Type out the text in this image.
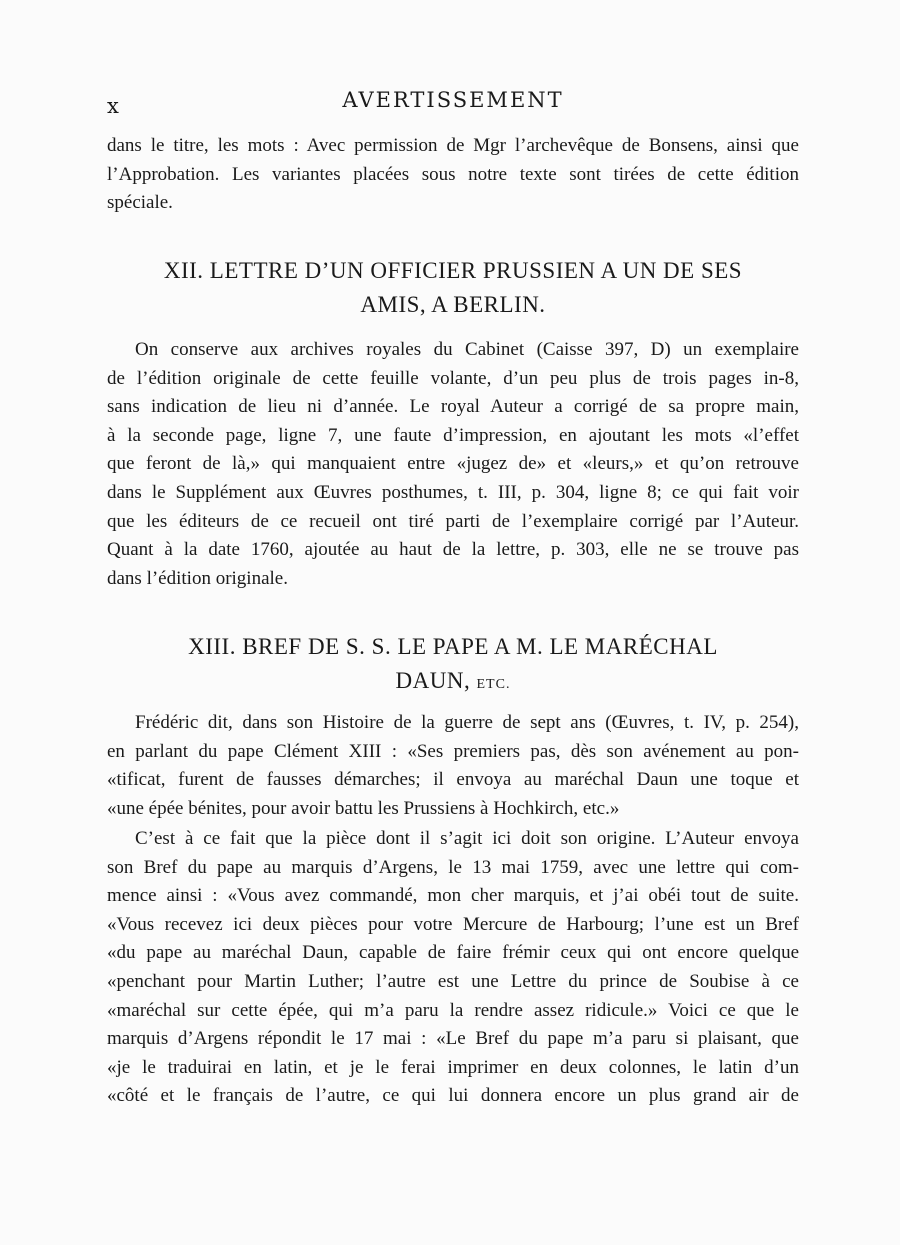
x	AVERTISSEMENT

dans le titre, les mots : Avec permission de Mgr l’archevêque de Bonsens, ainsi que
l’Approbation. Les variantes placées sous notre texte sont tirées de cette édition
spéciale.

XII. LETTRE D’UN OFFICIER PRUSSIEN A UN DE SES
AMIS, A BERLIN.

On conserve aux archives royales du Cabinet (Caisse 397, D) un exemplaire
de l’édition originale de cette feuille volante, d’un peu plus de trois pages in-8,
sans indication de lieu ni d’année. Le royal Auteur a corrigé de sa propre main,
à la seconde page, ligne 7, une faute d’impression, en ajoutant les mots «l’effet
que feront de là,» qui manquaient entre «jugez de» et «leurs,» et qu’on retrouve
dans le Supplément aux Œuvres posthumes, t. III, p. 304, ligne 8; ce qui fait voir
que les éditeurs de ce recueil ont tiré parti de l’exemplaire corrigé par l’Auteur.
Quant à la date 1760, ajoutée au haut de la lettre, p. 303, elle ne se trouve pas
dans l’édition originale.

XIII. BREF DE S. S. LE PAPE A M. LE MARÉCHAL
DAUN, ETC.

Frédéric dit, dans son Histoire de la guerre de sept ans (Œuvres, t. IV, p. 254),
en parlant du pape Clément XIII : «Ses premiers pas, dès son avénement au pon-
«tificat, furent de fausses démarches; il envoya au maréchal Daun une toque et
«une épée bénites, pour avoir battu les Prussiens à Hochkirch, etc.»

C’est à ce fait que la pièce dont il s’agit ici doit son origine. L’Auteur envoya
son Bref du pape au marquis d’Argens, le 13 mai 1759, avec une lettre qui com-
mence ainsi : «Vous avez commandé, mon cher marquis, et j’ai obéi tout de suite.
«Vous recevez ici deux pièces pour votre Mercure de Harbourg; l’une est un Bref
«du pape au maréchal Daun, capable de faire frémir ceux qui ont encore quelque
«penchant pour Martin Luther; l’autre est une Lettre du prince de Soubise à ce
«maréchal sur cette épée, qui m’a paru la rendre assez ridicule.» Voici ce que le
marquis d’Argens répondit le 17 mai : «Le Bref du pape m’a paru si plaisant, que
«je le traduirai en latin, et je le ferai imprimer en deux colonnes, le latin d’un
«côté et le français de l’autre, ce qui lui donnera encore un plus grand air de
